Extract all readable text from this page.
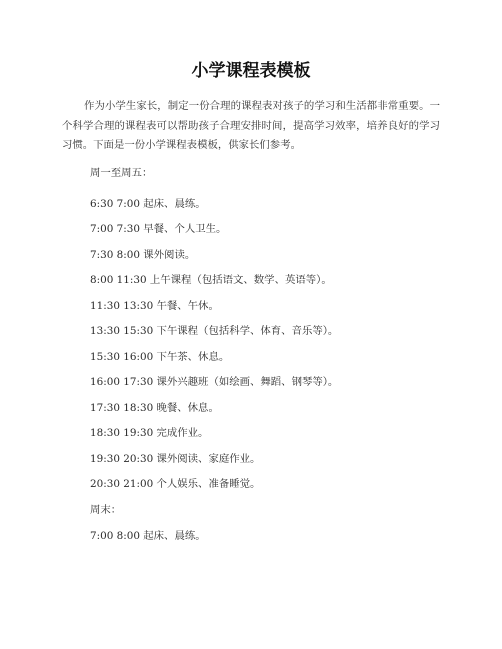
小学课程表模板

作为小学生家长，制定一份合理的课程表对孩子的学习和生活都非常重要。一个科学合理的课程表可以帮助孩子合理安排时间，提高学习效率，培养良好的学习习惯。下面是一份小学课程表模板，供家长们参考。

周一至周五：

6:30 7:00 起床、晨练。

7:00 7:30 早餐、个人卫生。

7:30 8:00 课外阅读。

8:00 11:30 上午课程（包括语文、数学、英语等）。

11:30 13:30 午餐、午休。

13:30 15:30 下午课程（包括科学、体育、音乐等）。

15:30 16:00 下午茶、休息。

16:00 17:30 课外兴趣班（如绘画、舞蹈、钢琴等）。

17:30 18:30 晚餐、休息。

18:30 19:30 完成作业。

19:30 20:30 课外阅读、家庭作业。

20:30 21:00 个人娱乐、准备睡觉。

周末：

7:00 8:00 起床、晨练。
